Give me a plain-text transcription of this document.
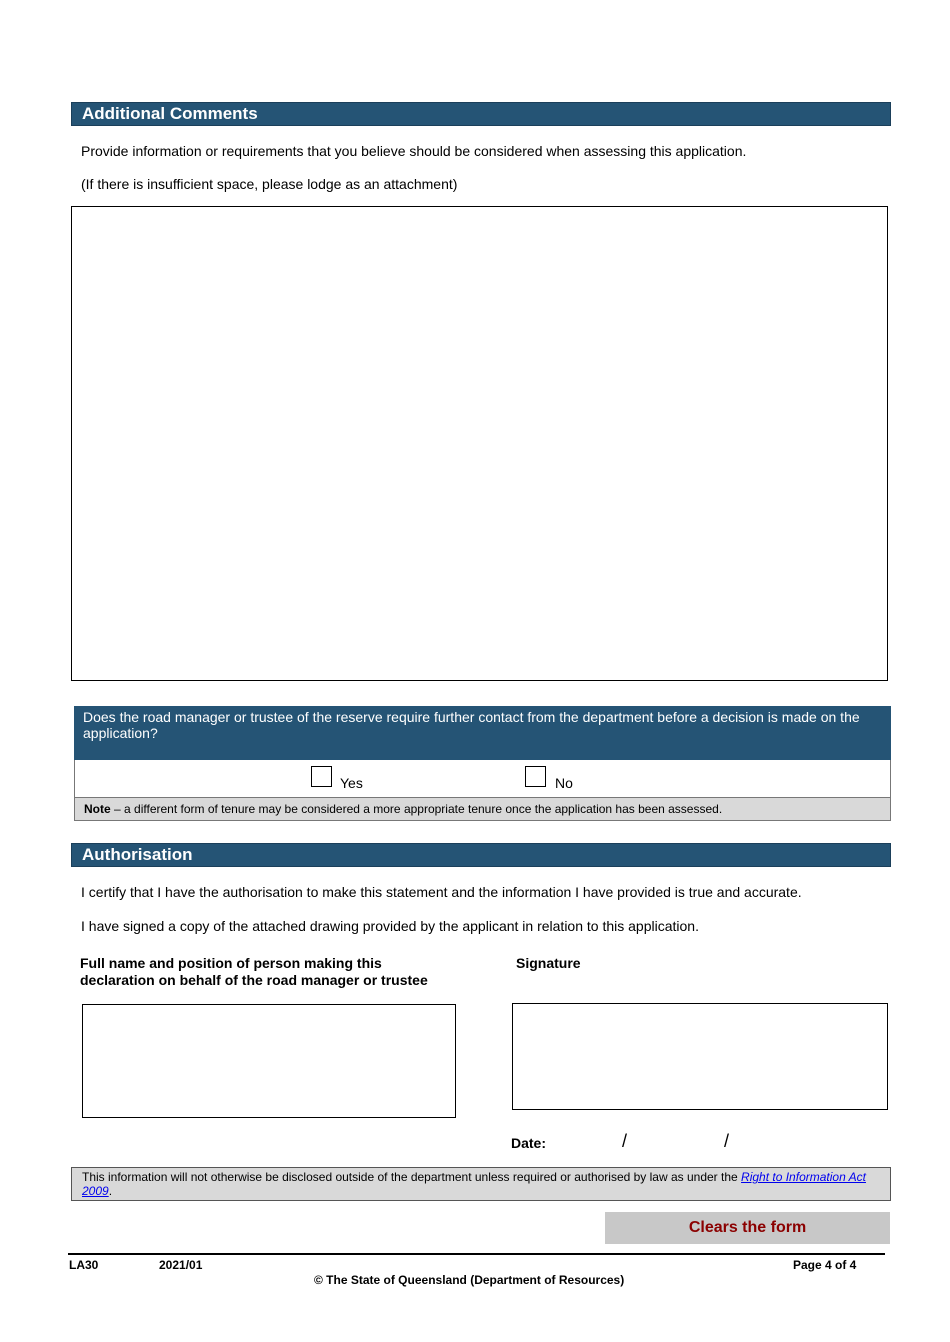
Additional Comments
Provide information or requirements that you believe should be considered when assessing this application.
(If there is insufficient space, please lodge as an attachment)
Does the road manager or trustee of the reserve require further contact from the department before a decision is made on the application?
Yes	No
Note – a different form of tenure may be considered a more appropriate tenure once the application has been assessed.
Authorisation
I certify that I have the authorisation to make this statement and the information I have provided is true and accurate.
I have signed a copy of the attached drawing provided by the applicant in relation to this application.
Full name and position of person making this
declaration on behalf of the road manager or trustee
Signature
Date:	/	/
This information will not otherwise be disclosed outside of the department unless required or authorised by law as under the Right to Information Act 2009.
Clears the form
LA30	2021/01	Page 4 of 4
© The State of Queensland (Department of Resources)
